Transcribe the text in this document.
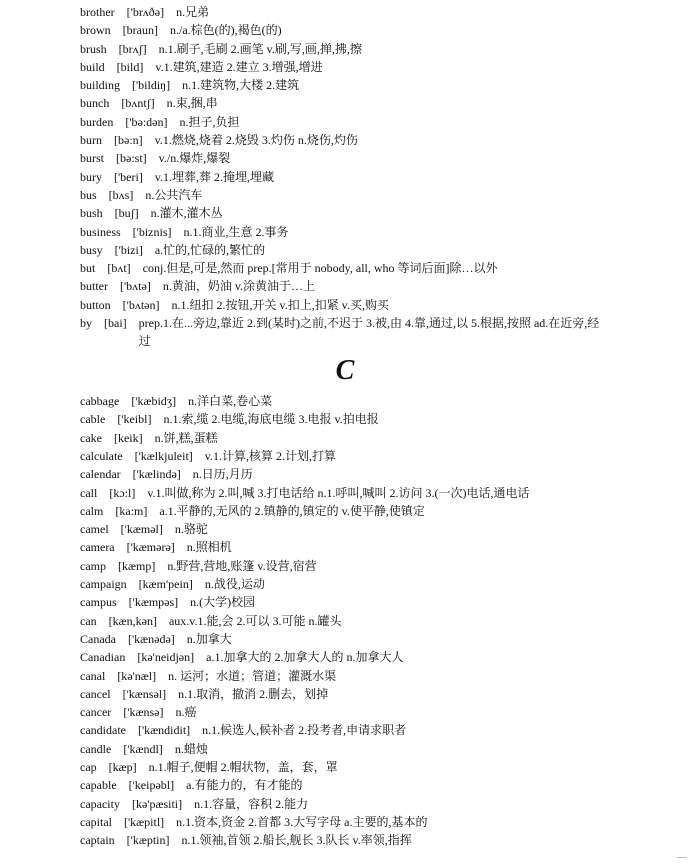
brother ['brʌðə] n.兄弟
brown [braun] n./a.棕色(的),褐色(的)
brush [brʌʃ] n.1.刷子,毛刷 2.画笔 v.刷,写,画,掸,拂,擦
build [bild] v.1.建筑,建造 2.建立 3.增强,增进
building ['bildiŋ] n.1.建筑物,大楼 2.建筑
bunch [bʌntʃ] n.束,捆,串
burden ['bə:dən] n.担子,负担
burn [bə:n] v.1.燃烧,烧着 2.烧毁 3.灼伤 n.烧伤,灼伤
burst [bə:st] v./n.爆炸,爆裂
bury ['beri] v.1.埋葬,葬 2.掩埋,埋藏
bus [bʌs] n.公共汽车
bush [buʃ] n.灌木,灌木丛
business ['biznis] n.1.商业,生意 2.事务
busy ['bizi] a.忙的,忙碌的,繁忙的
but [bʌt] conj.但是,可是,然而 prep.[常用于 nobody, all, who 等词后面]除…以外
butter ['bʌtə] n.黄油，奶油 v.涂黄油于…上
button ['bʌtən] n.1.纽扣 2.按钮,开关 v.扣上,扣紧 v.买,购买
by [bai] prep.1.在...旁边,靠近 2.到(某时)之前,不迟于 3.被,由 4.靠,通过,以 5.根据,按照 ad.在近旁,经过
C
cabbage ['kæbidʒ] n.洋白菜,卷心菜
cable ['keibl] n.1.索,缆 2.电缆,海底电缆 3.电报 v.拍电报
cake [keik] n.饼,糕,蛋糕
calculate ['kælkjuleit] v.1.计算,核算 2.计划,打算
calendar ['kælində] n.日历,月历
call [kɔ:l] v.1.叫做,称为 2.叫,喊 3.打电话给 n.1.呼叫,喊叫 2.访问 3.(一次)电话,通电话
calm [ka:m] a.1.平静的,无风的 2.镇静的,镇定的 v.使平静,使镇定
camel ['kæməl] n.骆驼
camera ['kæmərə] n.照相机
camp [kæmp] n.野营,营地,账篷 v.设营,宿营
campaign [kæm'pein] n.战役,运动
campus ['kæmpəs] n.(大学)校园
can [kæn,kən] aux.v.1.能,会 2.可以 3.可能 n.罐头
Canada ['kænədə] n.加拿大
Canadian [kə'neidjən] a.1.加拿大的 2.加拿大人的 n.加拿大人
canal [kə'næl] n. 运河；水道；管道；灌溉水渠
cancel ['kænsəl] n.1.取消，撤消 2.删去，划掉
cancer ['kænsə] n.癌
candidate ['kændidit] n.1.候选人,候补者 2.投考者,申请求职者
candle ['kændl] n.蜡烛
cap [kæp] n.1.帽子,便帽 2.帽状物，盖，套，罩
capable ['keipəbl] a.有能力的，有才能的
capacity [kə'pæsiti] n.1.容量，容积 2.能力
capital ['kæpitl] n.1.资本,资金 2.首都 3.大写字母 a.主要的,基本的
captain ['kæptin] n.1.领袖,首领 2.船长,舰长 3.队长 v.率领,指挥
